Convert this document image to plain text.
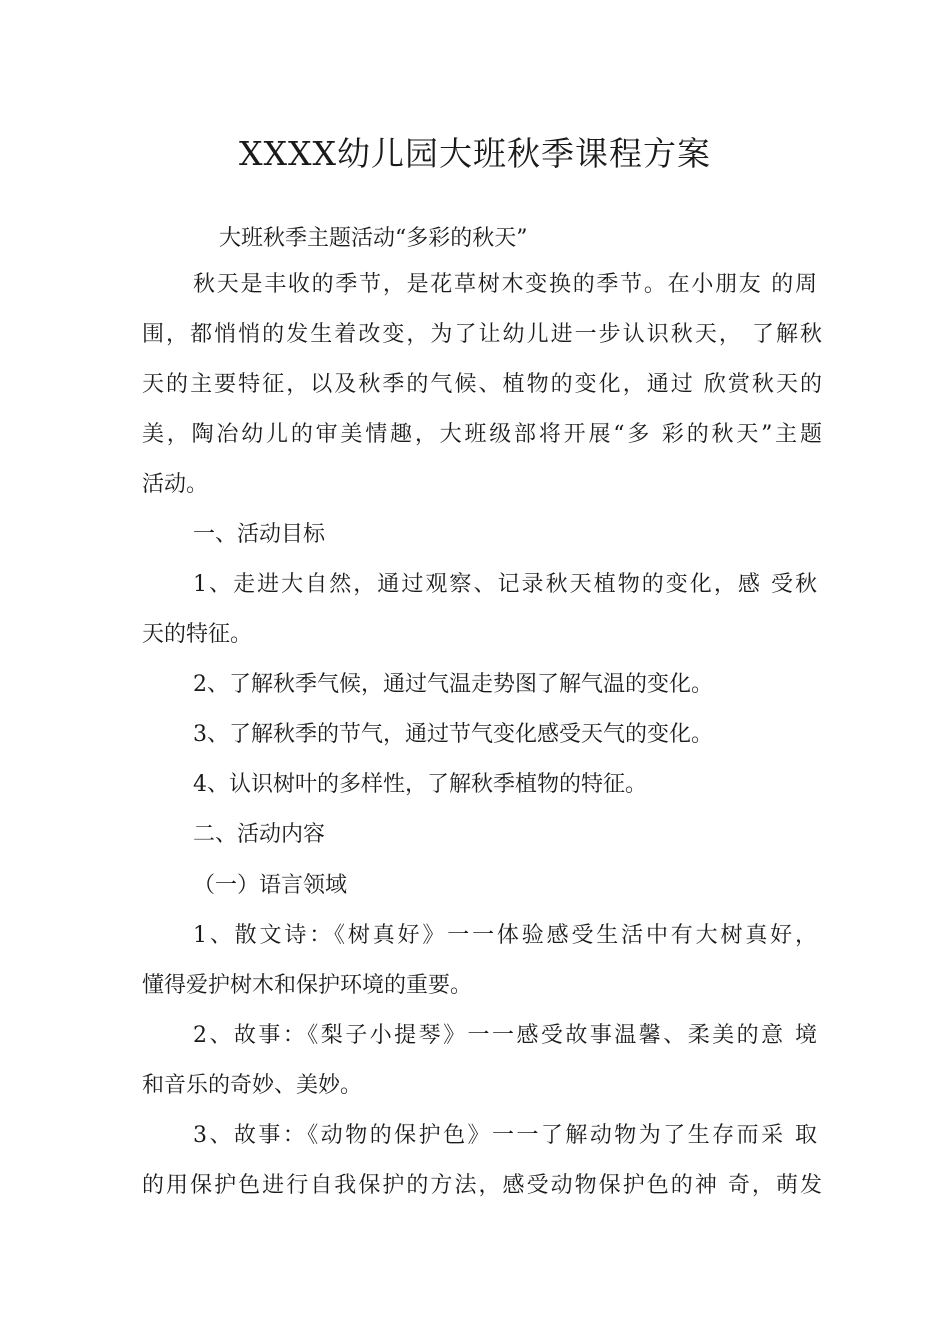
XXXX幼儿园大班秋季课程方案

大班秋季主题活动“多彩的秋天”

秋天是丰收的季节，是花草树木变换的季节。在小朋友 的周

围，都悄悄的发生着改变，为了让幼儿进一步认识秋天， 了解秋

天的主要特征，以及秋季的气候、植物的变化，通过 欣赏秋天的

美，陶冶幼儿的审美情趣，大班级部将开展“多 彩的秋天”主题

活动。

一、活动目标

1、走进大自然，通过观察、记录秋天植物的变化，感 受秋

天的特征。

2、了解秋季气候，通过气温走势图了解气温的变化。

3、了解秋季的节气，通过节气变化感受天气的变化。

4、认识树叶的多样性，了解秋季植物的特征。

二、活动内容

（一）语言领域

1、散文诗：《树真好》一一体验感受生活中有大树真好，

懂得爱护树木和保护环境的重要。

2、故事：《梨子小提琴》一一感受故事温馨、柔美的意 境

和音乐的奇妙、美妙。

3、故事：《动物的保护色》一一了解动物为了生存而采 取

的用保护色进行自我保护的方法，感受动物保护色的神 奇，萌发
